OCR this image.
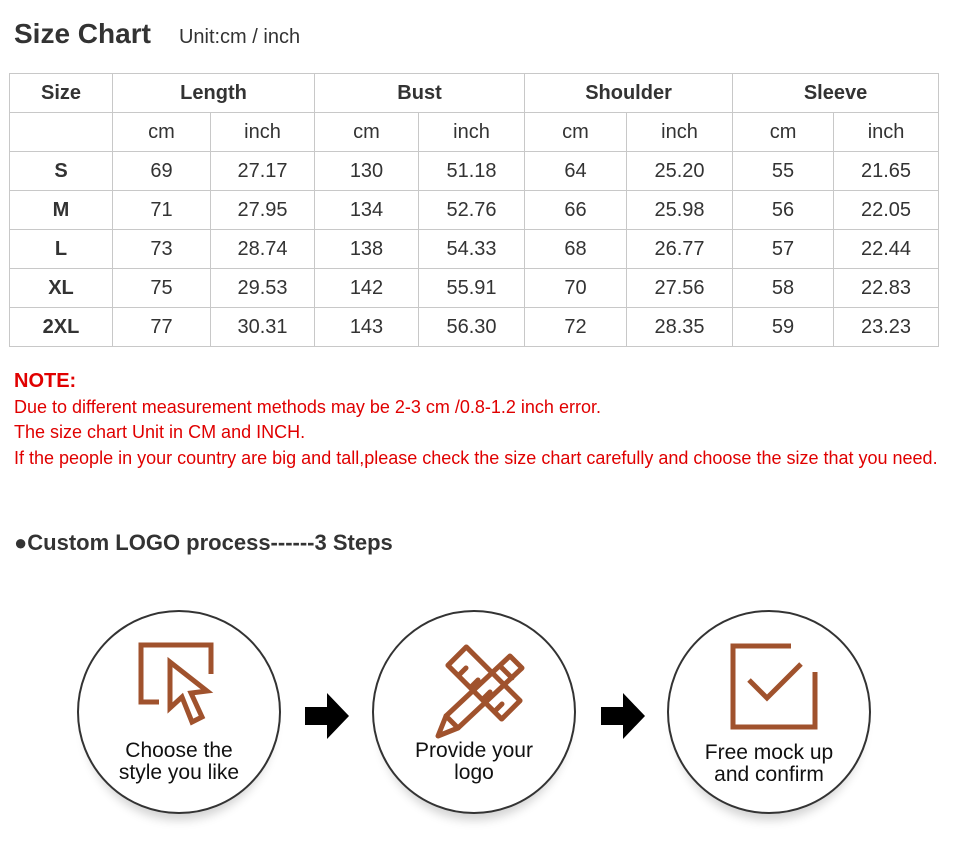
Size Chart Unit:cm / inch
Size	Length		Bust		Shoulder		Sleeve	
	cm	inch	cm	inch	cm	inch	cm	inch
S	69	27.17	130	51.18	64	25.20	55	21.65
M	71	27.95	134	52.76	66	25.98	56	22.05
L	73	28.74	138	54.33	68	26.77	57	22.44
XL	75	29.53	142	55.91	70	27.56	58	22.83
2XL	77	30.31	143	56.30	72	28.35	59	23.23
NOTE:
Due to different measurement methods may be 2-3 cm /0.8-1.2 inch error.
The size chart Unit in CM and INCH.
If the people in your country are big and tall,please check the size chart carefully and choose the size that you need.
●Custom LOGO process------3 Steps
Choose the
style you like
Provide your
logo
Free mock up
and confirm
